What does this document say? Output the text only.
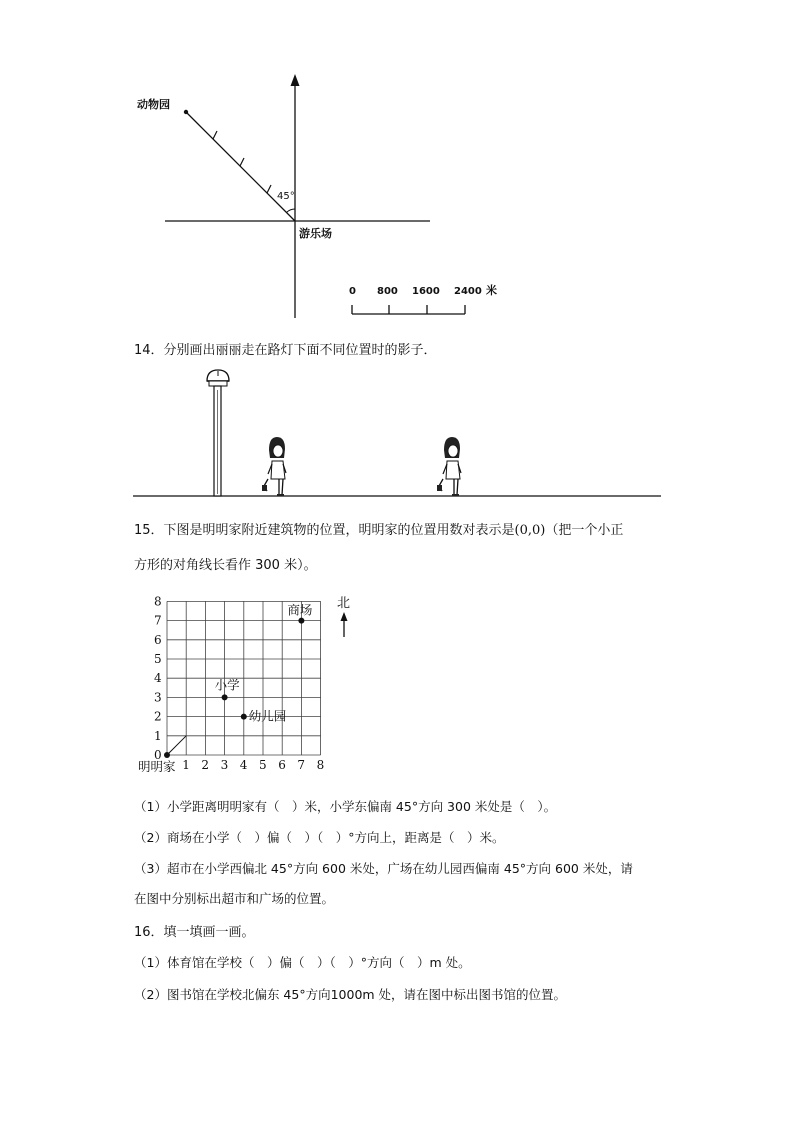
45°
动物园
游乐场
0 800 1600 2400 米
14．分别画出丽丽走在路灯下面不同位置时的影子．
15．下图是明明家附近建筑物的位置，明明家的位置用数对表示是(0,0)（把一个小正
方形的对角线长看作 300 米）。
1 2 3 4 5 6 7 8
0
1
2
3
4
5
6
7
8
商场
小学
幼儿园
明明家
北
（1）小学距离明明家有（　）米，小学东偏南 45°方向 300 米处是（　）。
（2）商场在小学（　）偏（　）（　）°方向上，距离是（　）米。
（3）超市在小学西偏北 45°方向 600 米处，广场在幼儿园西偏南 45°方向 600 米处，请
在图中分别标出超市和广场的位置。
16．填一填画一画。
（1）体育馆在学校（　）偏（　）（　）°方向（　）m 处。
（2）图书馆在学校北偏东 45°方向1000m 处，请在图中标出图书馆的位置。
